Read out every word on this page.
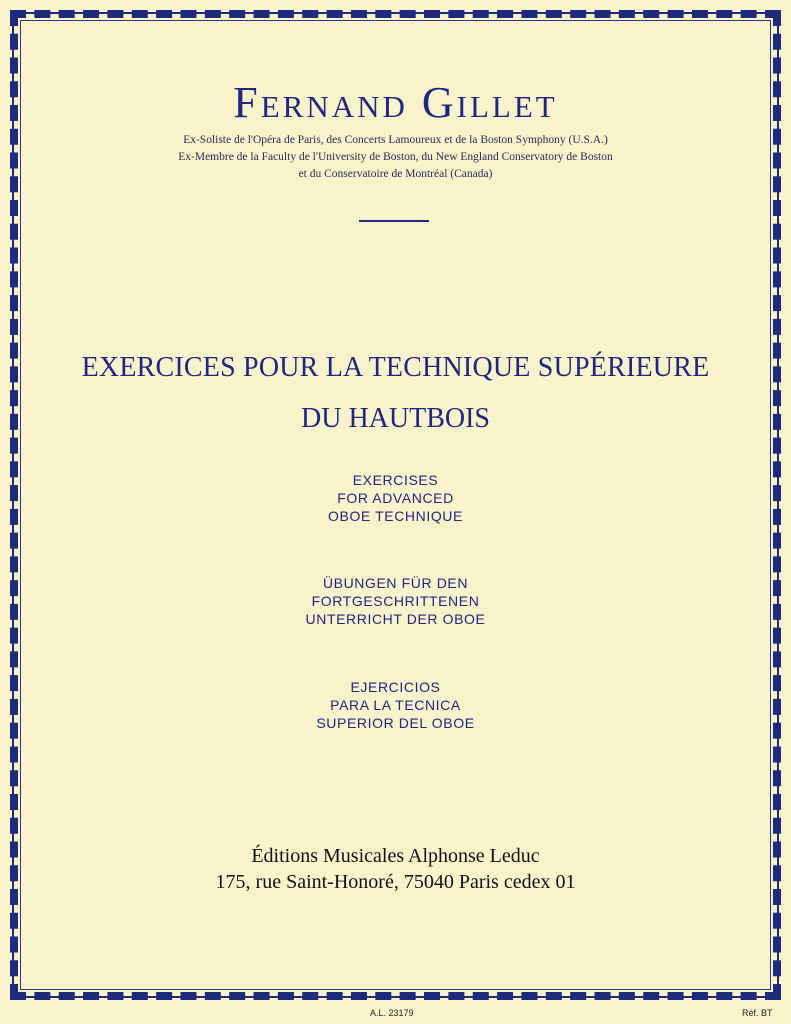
Fernand Gillet
Ex-Soliste de l'Opéra de Paris, des Concerts Lamoureux et de la Boston Symphony (U.S.A.)
Ex-Membre de la Faculty de l'University de Boston, du New England Conservatory de Boston
et du Conservatoire de Montréal (Canada)
EXERCICES POUR LA TECHNIQUE SUPÉRIEURE
DU HAUTBOIS
EXERCISES
FOR ADVANCED
OBOE TECHNIQUE
ÜBUNGEN FÜR DEN
FORTGESCHRITTENEN
UNTERRICHT DER OBOE
EJERCICIOS
PARA LA TECNICA
SUPERIOR DEL OBOE
Éditions Musicales Alphonse Leduc
175, rue Saint-Honoré, 75040 Paris cedex 01
A.L. 23179	Réf. BT
